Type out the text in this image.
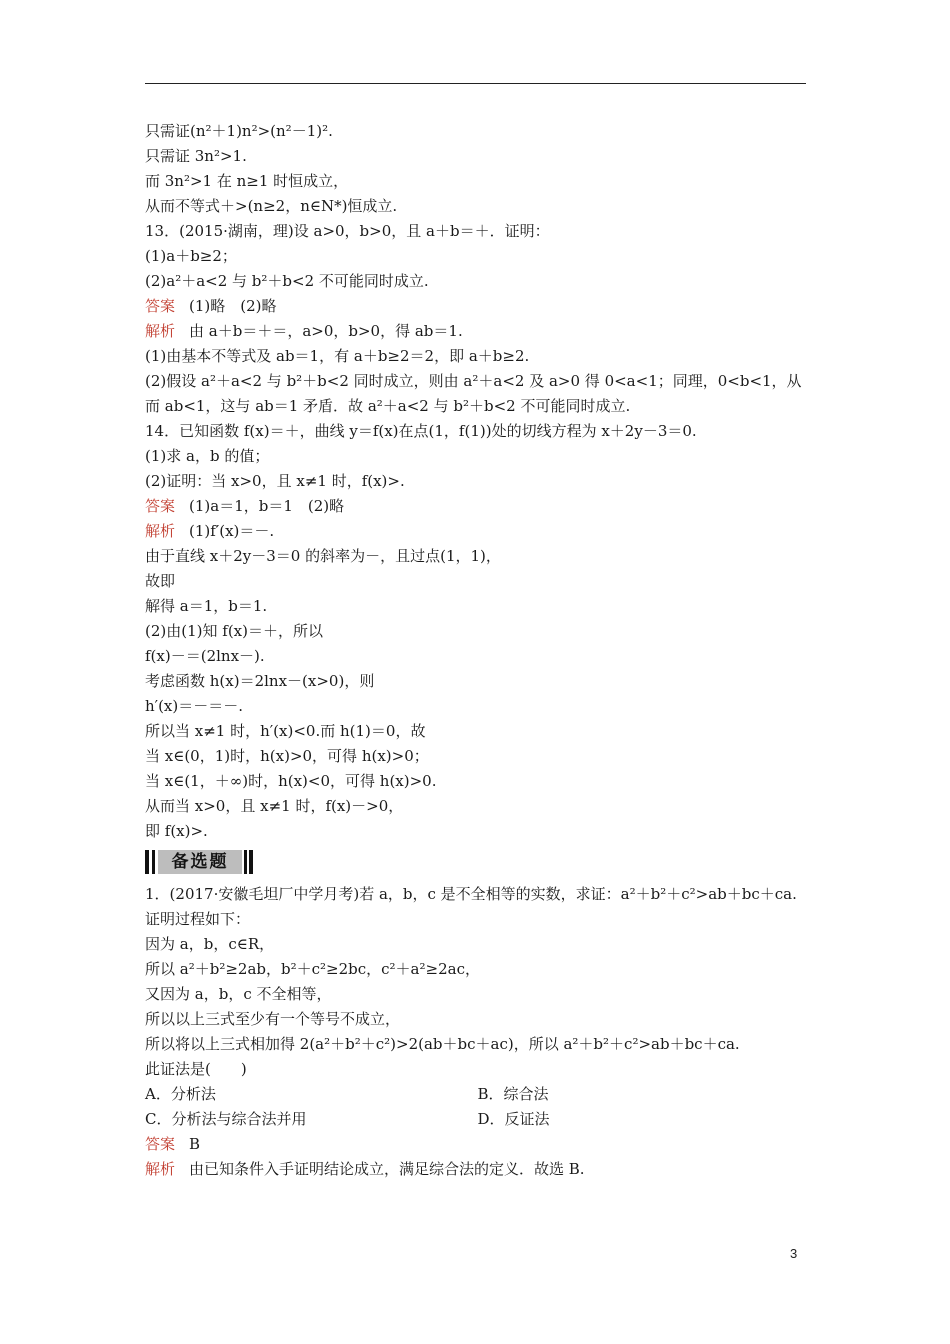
只需证(n²＋1)n²>(n²－1)².
只需证 3n²>1.
而 3n²>1 在 n≥1 时恒成立，
从而不等式＋>(n≥2，n∈N*)恒成立.
13．(2015·湖南，理)设 a>0，b>0，且 a＋b＝＋．证明：
(1)a＋b≥2；
(2)a²＋a<2 与 b²＋b<2 不可能同时成立.
答案 (1)略　(2)略
解析 由 a＋b＝＋＝，a>0，b>0，得 ab＝1.
(1)由基本不等式及 ab＝1，有 a＋b≥2＝2，即 a＋b≥2.
(2)假设 a²＋a<2 与 b²＋b<2 同时成立，则由 a²＋a<2 及 a>0 得 0<a<1；同理，0<b<1，从而 ab<1，这与 ab＝1 矛盾．故 a²＋a<2 与 b²＋b<2 不可能同时成立.
14．已知函数 f(x)＝＋，曲线 y＝f(x)在点(1，f(1))处的切线方程为 x＋2y－3＝0.
(1)求 a，b 的值；
(2)证明：当 x>0，且 x≠1 时，f(x)>.
答案 (1)a＝1，b＝1　(2)略
解析 (1)f′(x)＝－.
由于直线 x＋2y－3＝0 的斜率为－，且过点(1，1)，
故即
解得 a＝1，b＝1.
(2)由(1)知 f(x)＝＋，所以
f(x)－＝(2lnx－).
考虑函数 h(x)＝2lnx－(x>0)，则
h′(x)＝－＝－.
所以当 x≠1 时，h′(x)<0.而 h(1)＝0，故
当 x∈(0，1)时，h(x)>0，可得 h(x)>0；
当 x∈(1，＋∞)时，h(x)<0，可得 h(x)>0.
从而当 x>0，且 x≠1 时，f(x)－>0，
即 f(x)>.
备选题
1．(2017·安徽毛坦厂中学月考)若 a，b，c 是不全相等的实数，求证：a²＋b²＋c²>ab＋bc＋ca.
证明过程如下：
因为 a，b，c∈R，
所以 a²＋b²≥2ab，b²＋c²≥2bc，c²＋a²≥2ac，
又因为 a，b，c 不全相等，
所以以上三式至少有一个等号不成立，
所以将以上三式相加得 2(a²＋b²＋c²)>2(ab＋bc＋ac)，所以 a²＋b²＋c²>ab＋bc＋ca.
此证法是(　　)
A．分析法	B．综合法
C．分析法与综合法并用	D．反证法
答案 B
解析 由已知条件入手证明结论成立，满足综合法的定义．故选 B.
3
